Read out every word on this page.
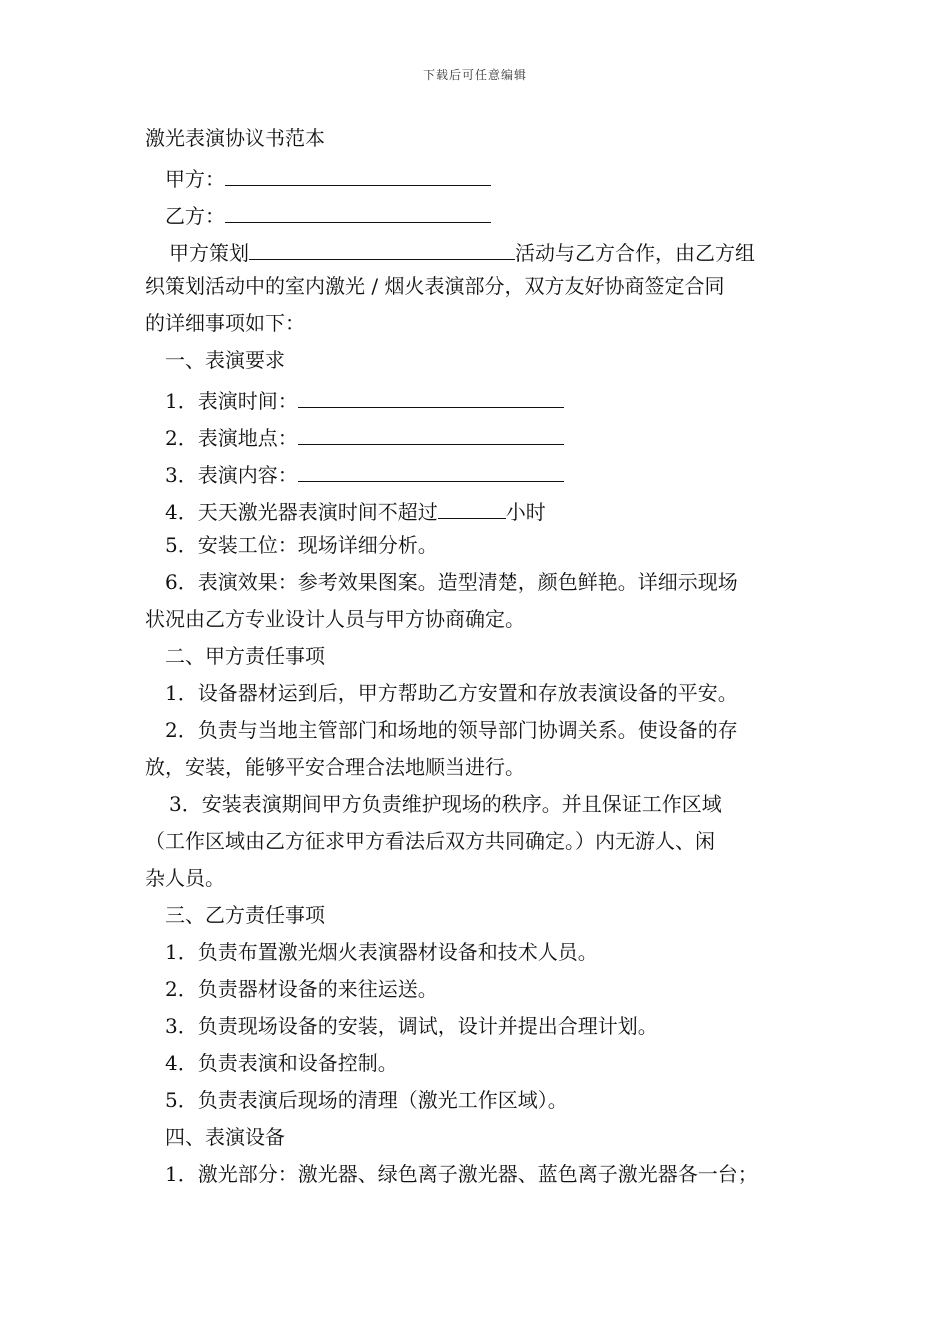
下载后可任意编辑
激光表演协议书范本
甲方：
乙方：
甲方策划	活动与乙方合作，由乙方组
织策划活动中的室内激光 / 烟火表演部分，双方友好协商签定合同
的详细事项如下：
一、表演要求
1．表演时间：
2．表演地点：
3．表演内容：
4．天天激光器表演时间不超过	小时
5．安装工位：现场详细分析。
6．表演效果：参考效果图案。造型清楚，颜色鲜艳。详细示现场
状况由乙方专业设计人员与甲方协商确定。
二、甲方责任事项
1．设备器材运到后，甲方帮助乙方安置和存放表演设备的平安。
2．负责与当地主管部门和场地的领导部门协调关系。使设备的存
放，安装，能够平安合理合法地顺当进行。
3．安装表演期间甲方负责维护现场的秩序。并且保证工作区域
（工作区域由乙方征求甲方看法后双方共同确定。）内无游人、闲
杂人员。
三、乙方责任事项
1．负责布置激光烟火表演器材设备和技术人员。
2．负责器材设备的来往运送。
3．负责现场设备的安装，调试，设计并提出合理计划。
4．负责表演和设备控制。
5．负责表演后现场的清理（激光工作区域）。
四、表演设备
1．激光部分：激光器、绿色离子激光器、蓝色离子激光器各一台；
